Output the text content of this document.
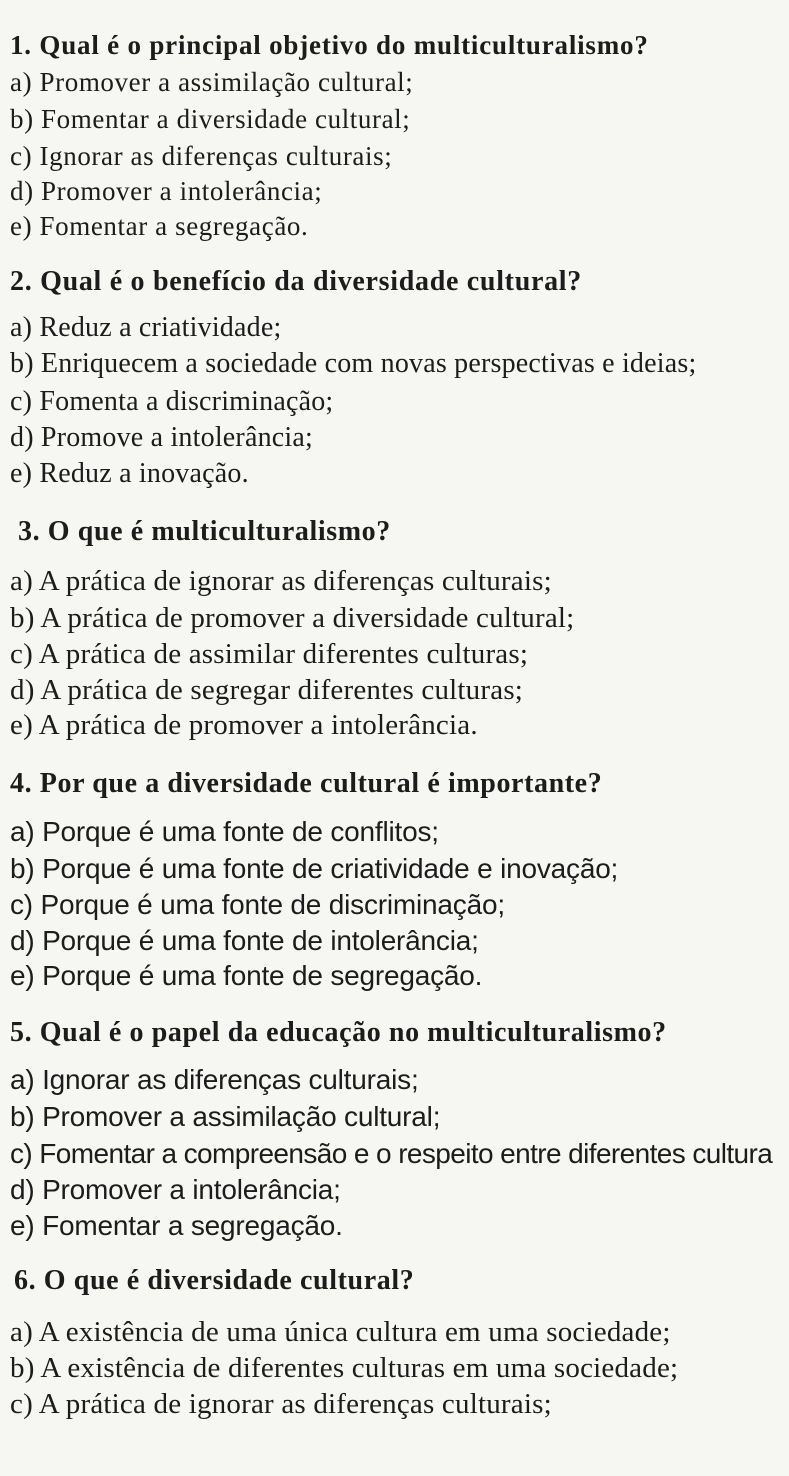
1. Qual é o principal objetivo do multiculturalismo?
a) Promover a assimilação cultural;
b) Fomentar a diversidade cultural;
c) Ignorar as diferenças culturais;
d) Promover a intolerância;
e) Fomentar a segregação.
2. Qual é o benefício da diversidade cultural?
a) Reduz a criatividade;
b) Enriquecem a sociedade com novas perspectivas e ideias;
c) Fomenta a discriminação;
d) Promove a intolerância;
e) Reduz a inovação.
3. O que é multiculturalismo?
a) A prática de ignorar as diferenças culturais;
b) A prática de promover a diversidade cultural;
c) A prática de assimilar diferentes culturas;
d) A prática de segregar diferentes culturas;
e) A prática de promover a intolerância.
4. Por que a diversidade cultural é importante?
a) Porque é uma fonte de conflitos;
b) Porque é uma fonte de criatividade e inovação;
c) Porque é uma fonte de discriminação;
d) Porque é uma fonte de intolerância;
e) Porque é uma fonte de segregação.
5. Qual é o papel da educação no multiculturalismo?
a) Ignorar as diferenças culturais;
b) Promover a assimilação cultural;
c) Fomentar a compreensão e o respeito entre diferentes cultura
d) Promover a intolerância;
e) Fomentar a segregação.
6. O que é diversidade cultural?
a) A existência de uma única cultura em uma sociedade;
b) A existência de diferentes culturas em uma sociedade;
c) A prática de ignorar as diferenças culturais;
